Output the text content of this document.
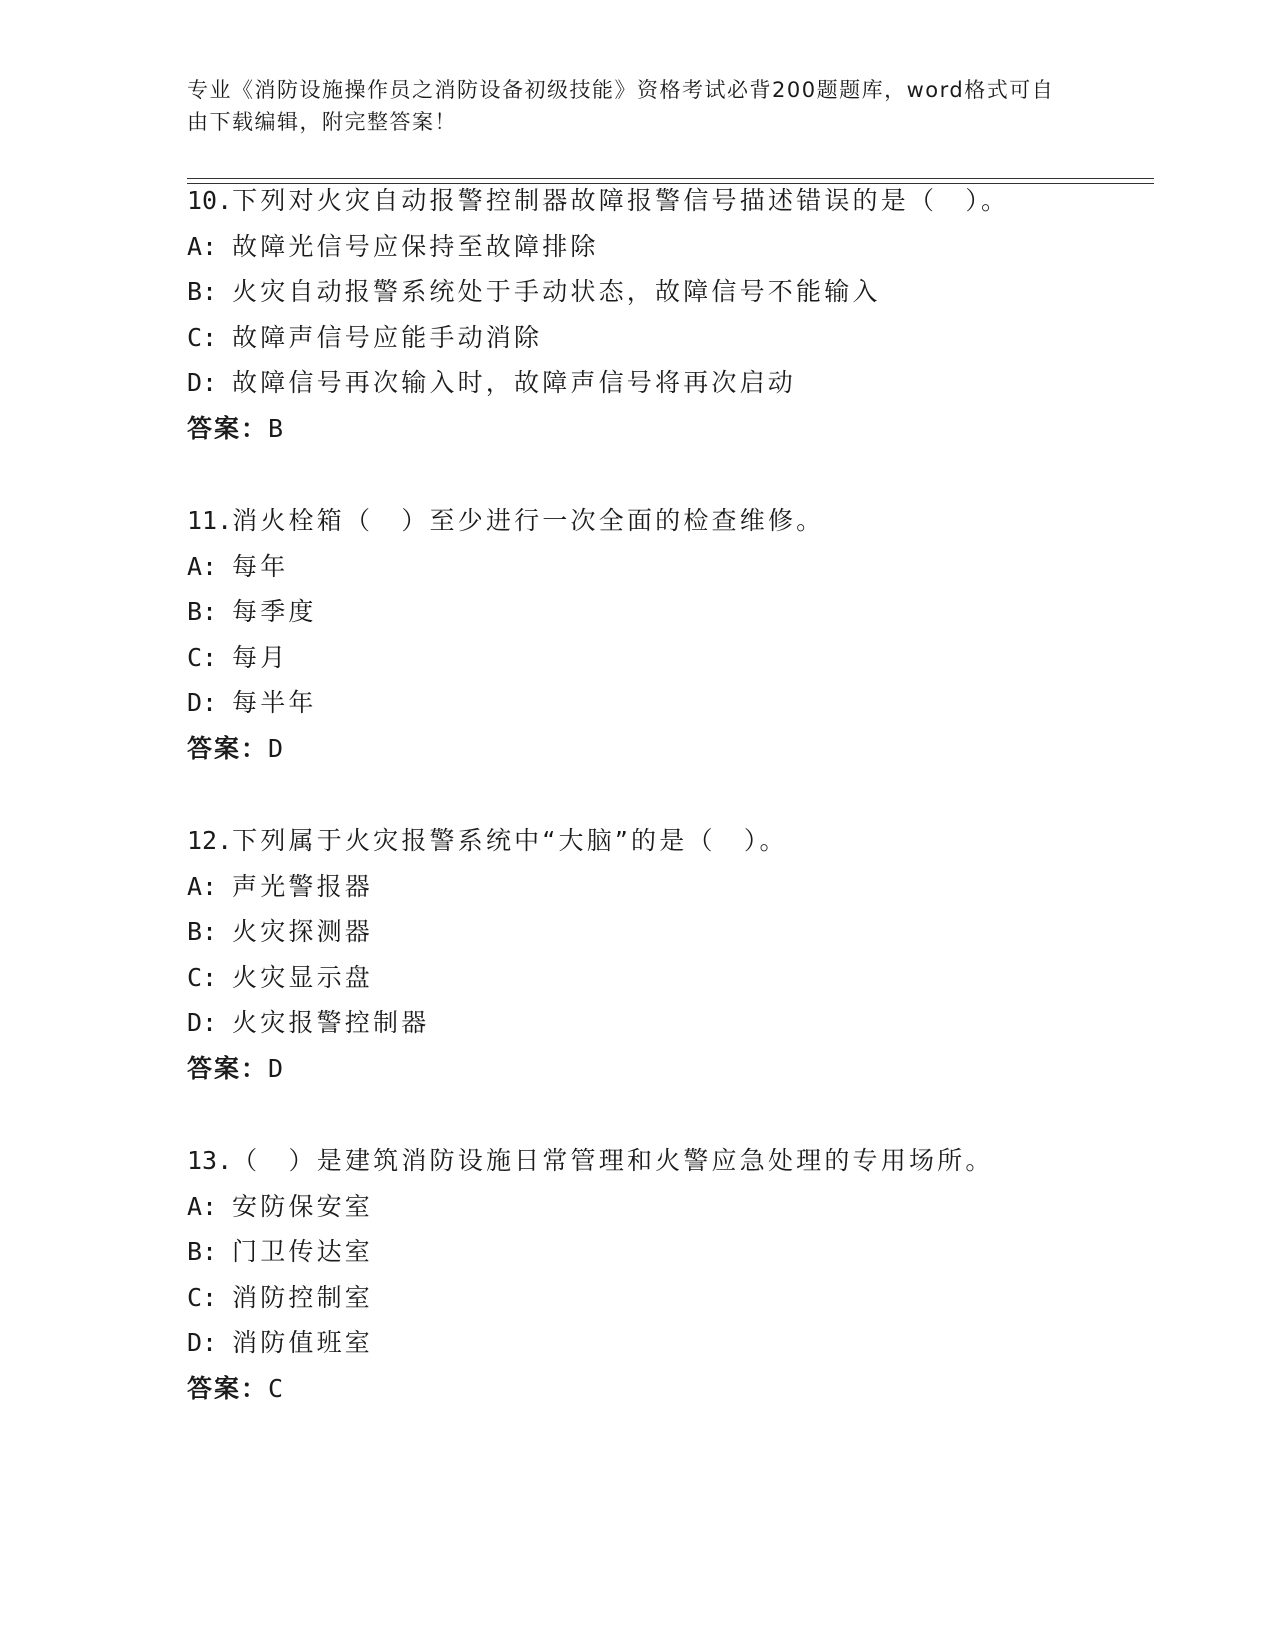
专业《消防设施操作员之消防设备初级技能》资格考试必背200题题库，word格式可自由下载编辑，附完整答案！
10.下列对火灾自动报警控制器故障报警信号描述错误的是（　）。
A: 故障光信号应保持至故障排除
B: 火灾自动报警系统处于手动状态，故障信号不能输入
C: 故障声信号应能手动消除
D: 故障信号再次输入时，故障声信号将再次启动
答案：B
11.消火栓箱（　）至少进行一次全面的检查维修。
A: 每年
B: 每季度
C: 每月
D: 每半年
答案：D
12.下列属于火灾报警系统中“大脑”的是（　）。
A: 声光警报器
B: 火灾探测器
C: 火灾显示盘
D: 火灾报警控制器
答案：D
13.（　）是建筑消防设施日常管理和火警应急处理的专用场所。
A: 安防保安室
B: 门卫传达室
C: 消防控制室
D: 消防值班室
答案：C
